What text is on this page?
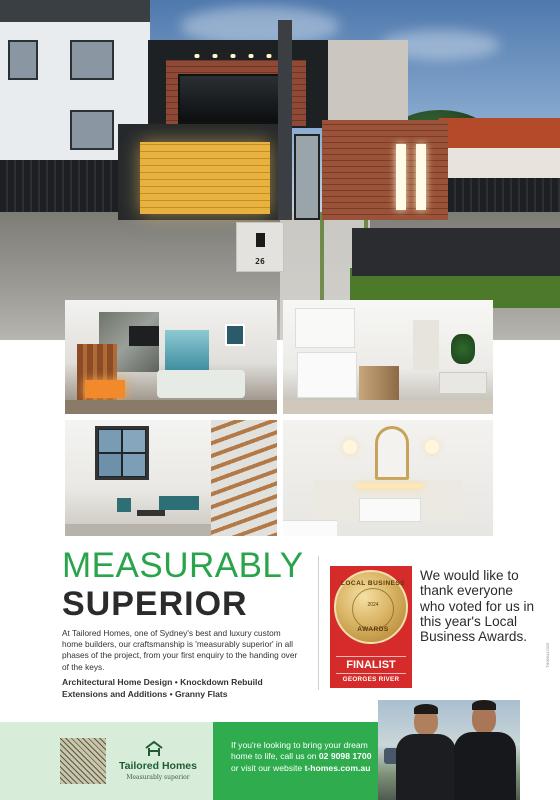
26
MEASURABLY
SUPERIOR
At Tailored Homes, one of Sydney's best and luxury custom home builders, our craftsmanship is 'measurably superior' in all phases of the project, from your first enquiry to the handing over of the keys.
Architectural Home Design • Knockdown Rebuild
Extensions and Additions • Granny Flats
LOCAL BUSINESS
2024
AWARDS
FINALIST
GEORGES RIVER
We would like to thank everyone who voted for us in this year's Local Business Awards.
TH066412325
Tailored Homes
Measurably superior
If you're looking to bring your dream home to life, call us on 02 9098 1700 or visit our website t-homes.com.au
